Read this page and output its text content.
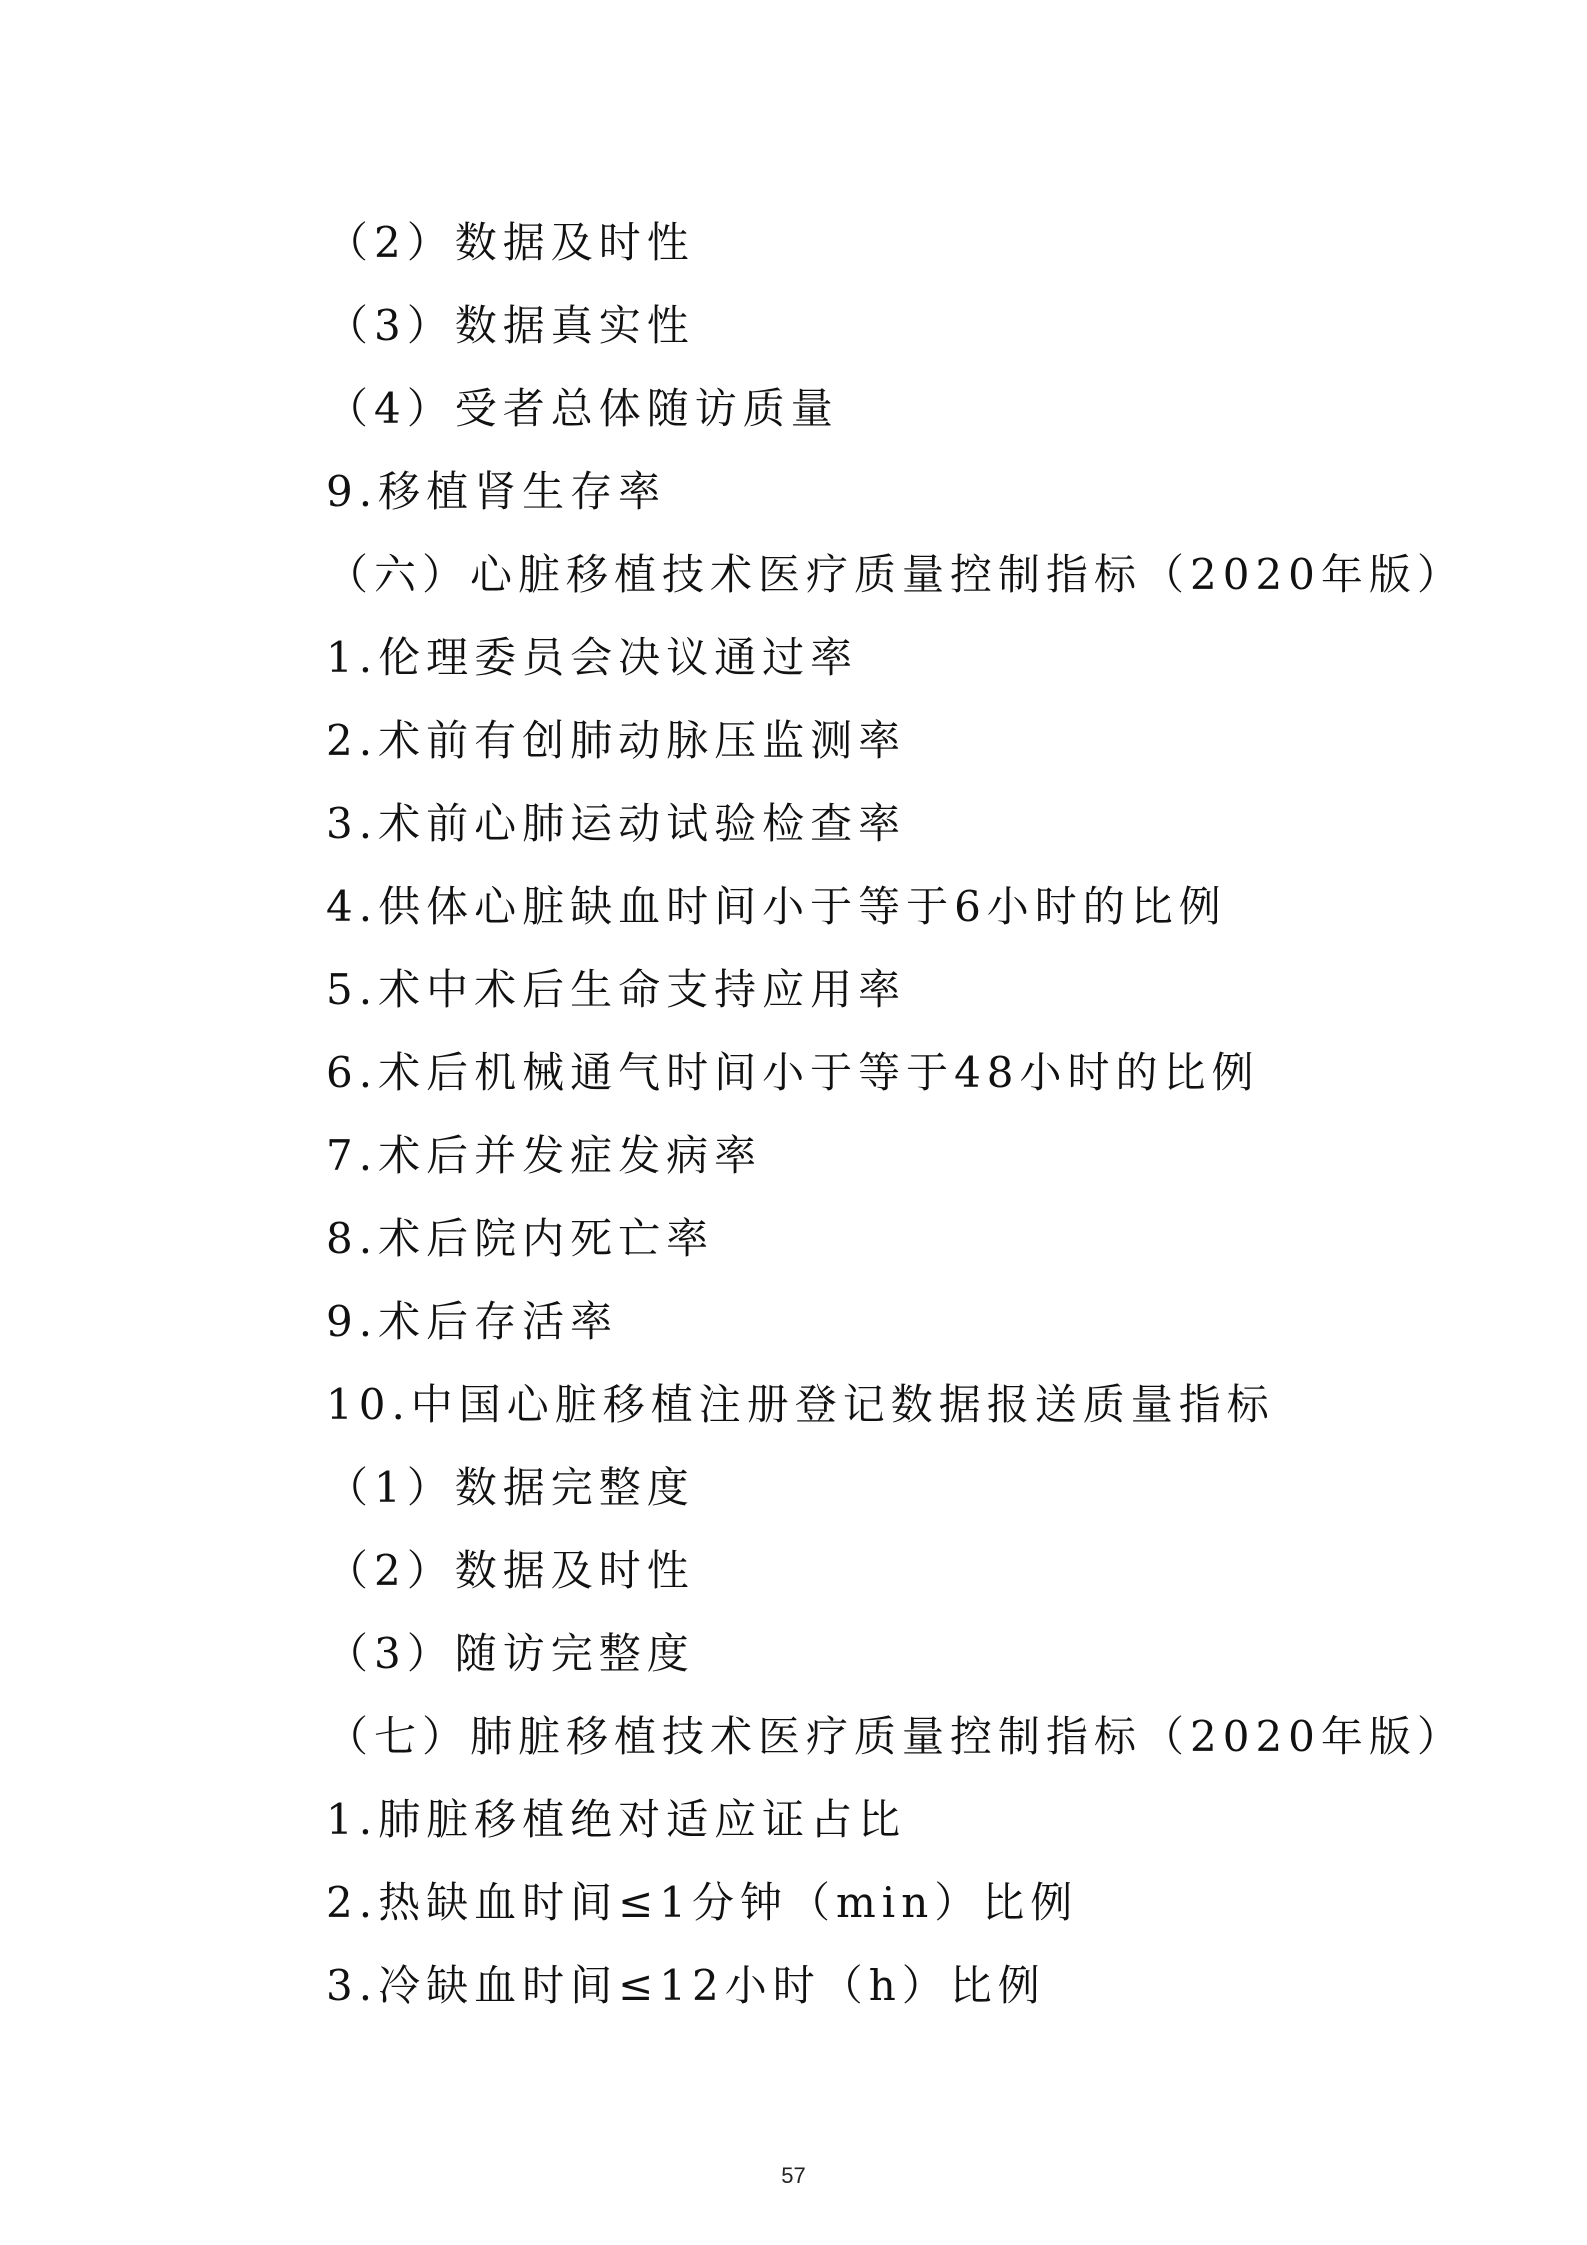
（2）数据及时性
（3）数据真实性
（4）受者总体随访质量
9.移植肾生存率
（六）心脏移植技术医疗质量控制指标（2020年版）
1.伦理委员会决议通过率
2.术前有创肺动脉压监测率
3.术前心肺运动试验检查率
4.供体心脏缺血时间小于等于6小时的比例
5.术中术后生命支持应用率
6.术后机械通气时间小于等于48小时的比例
7.术后并发症发病率
8.术后院内死亡率
9.术后存活率
10.中国心脏移植注册登记数据报送质量指标
（1）数据完整度
（2）数据及时性
（3）随访完整度
（七）肺脏移植技术医疗质量控制指标（2020年版）
1.肺脏移植绝对适应证占比
2.热缺血时间≤1分钟（min）比例
3.冷缺血时间≤12小时（h）比例
57
